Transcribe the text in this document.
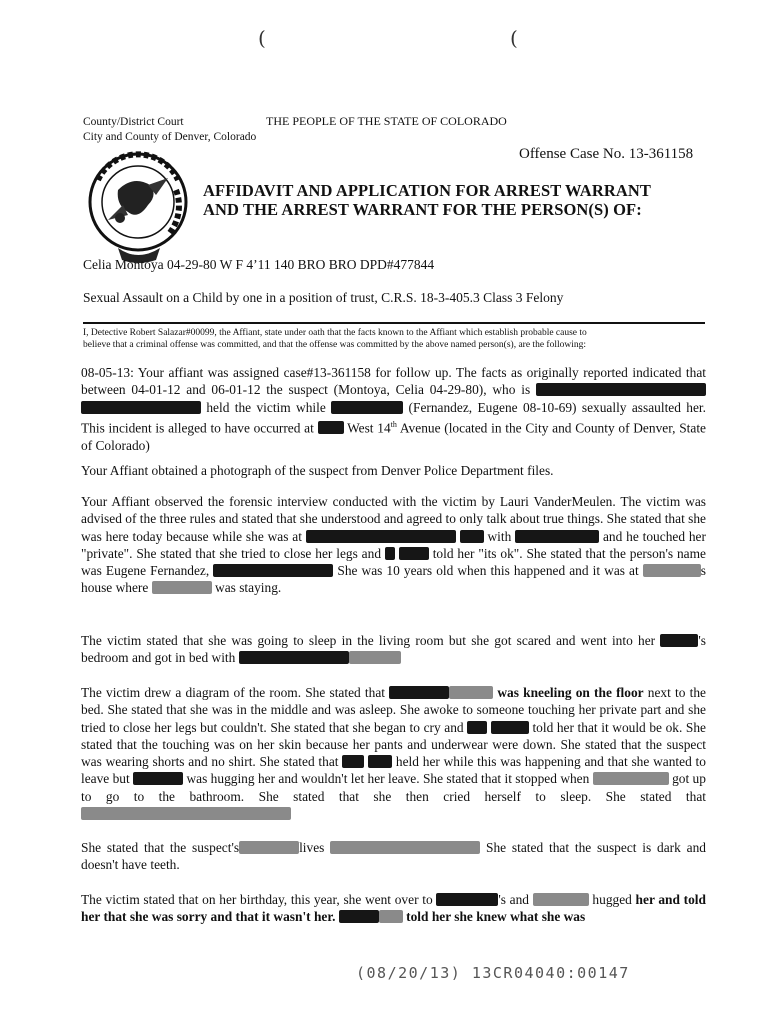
(	(
County/District Court
City and County of Denver, Colorado
THE PEOPLE OF THE STATE OF COLORADO
Offense Case No. 13-361158
AFFIDAVIT AND APPLICATION FOR ARREST WARRANT
AND THE ARREST WARRANT FOR THE PERSON(S) OF:
Celia Montoya 04-29-80 W F 4’11 140 BRO BRO DPD#477844
Sexual Assault on a Child by one in a position of trust, C.R.S. 18-3-405.3 Class 3 Felony
I, Detective Robert Salazar#00099, the Affiant, state under oath that the facts known to the Affiant which establish probable cause to
believe that a criminal offense was committed, and that the offense was committed by the above named person(s), are the following:

08-05-13: Your affiant was assigned case#13-361158 for follow up. The facts as originally reported indicated that between 04-01-12 and 06-01-12 the suspect (Montoya, Celia 04-29-80), who is   held the victim while	(Fernandez, Eugene 08-10-69) sexually assaulted her. This incident is alleged to have occurred at West 14th Avenue (located in the City and County of Denver, State of Colorado)

Your Affiant obtained a photograph of the suspect from Denver Police Department files.

Your Affiant observed the forensic interview conducted with the victim by Lauri VanderMeulen. The victim was advised of the three rules and stated that she understood and agreed to only talk about true things. She stated that she was here today because while she was at	with	and he touched her "private". She stated that she tried to close her legs and	told her "its ok". She stated that the person's name was Eugene Fernandez,	She was 10 years old when this happened and it was at	s house where	was staying.

The victim stated that she was going to sleep in the living room but she got scared and went into her	's bedroom and got in bed with

The victim drew a diagram of the room. She stated that	was kneeling on the floor next to the bed. She stated that she was in the middle and was asleep. She awoke to someone touching her private part and she tried to close her legs but couldn't. She stated that she began to cry and	told her that it would be ok. She stated that the touching was on her skin because her pants and underwear were down. She stated that the suspect was wearing shorts and no shirt. She stated that	held her while this was happening and that she wanted to leave but	was hugging her and wouldn't let her leave. She stated that it stopped when	got up to go to the bathroom. She stated that she then cried herself to sleep. She stated that

She stated that the suspect's	lives	She stated that the suspect is dark and doesn't have teeth.

The victim stated that on her birthday, this year, she went over to	's and	hugged her and told her that she was sorry and that it wasn't her.	told her she knew what she was

(08/20/13) 13CR04040:00147
